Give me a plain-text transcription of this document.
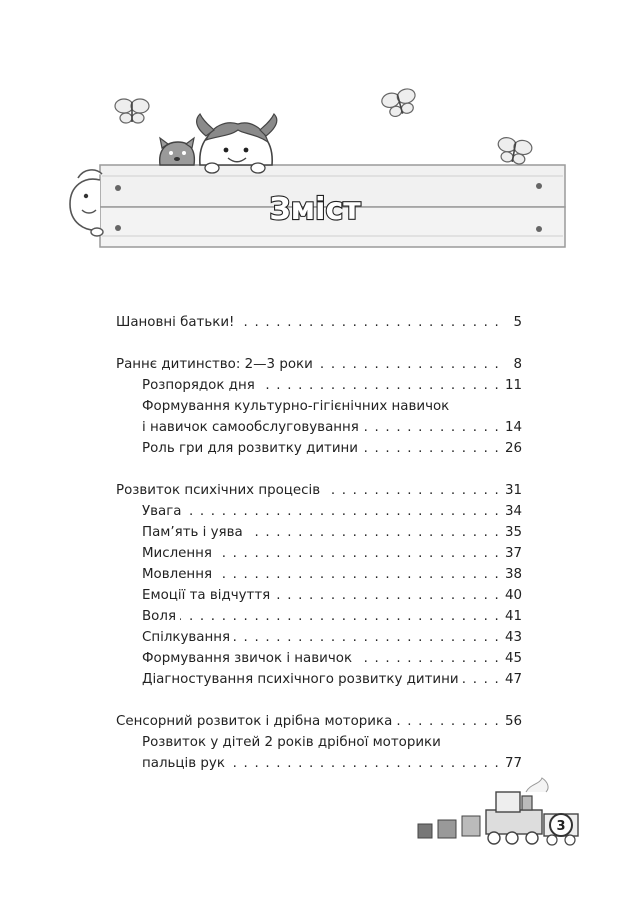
Зміст
Шановні батьки! . . .	5
Раннє дитинство: 2—3 роки . . .	8
Розпорядок дня . . .	11
Формування культурно-гігієнічних навичок
і навичок самообслуговування . . .	14
Роль гри для розвитку дитини . . .	26
Розвиток психічних процесів . . .	31
Увага . . .	34
Пам’ять і уява . . .	35
Мислення . . .	37
Мовлення . . .	38
Емоції та відчуття . . .	40
Воля . . .	41
Спілкування . . .	43
Формування звичок і навичок . . .	45
Діагностування психічного розвитку дитини . . .	47
Сенсорний розвиток і дрібна моторика . . .	56
Розвиток у дітей 2 років дрібної моторики
пальців рук . . .	77
3
